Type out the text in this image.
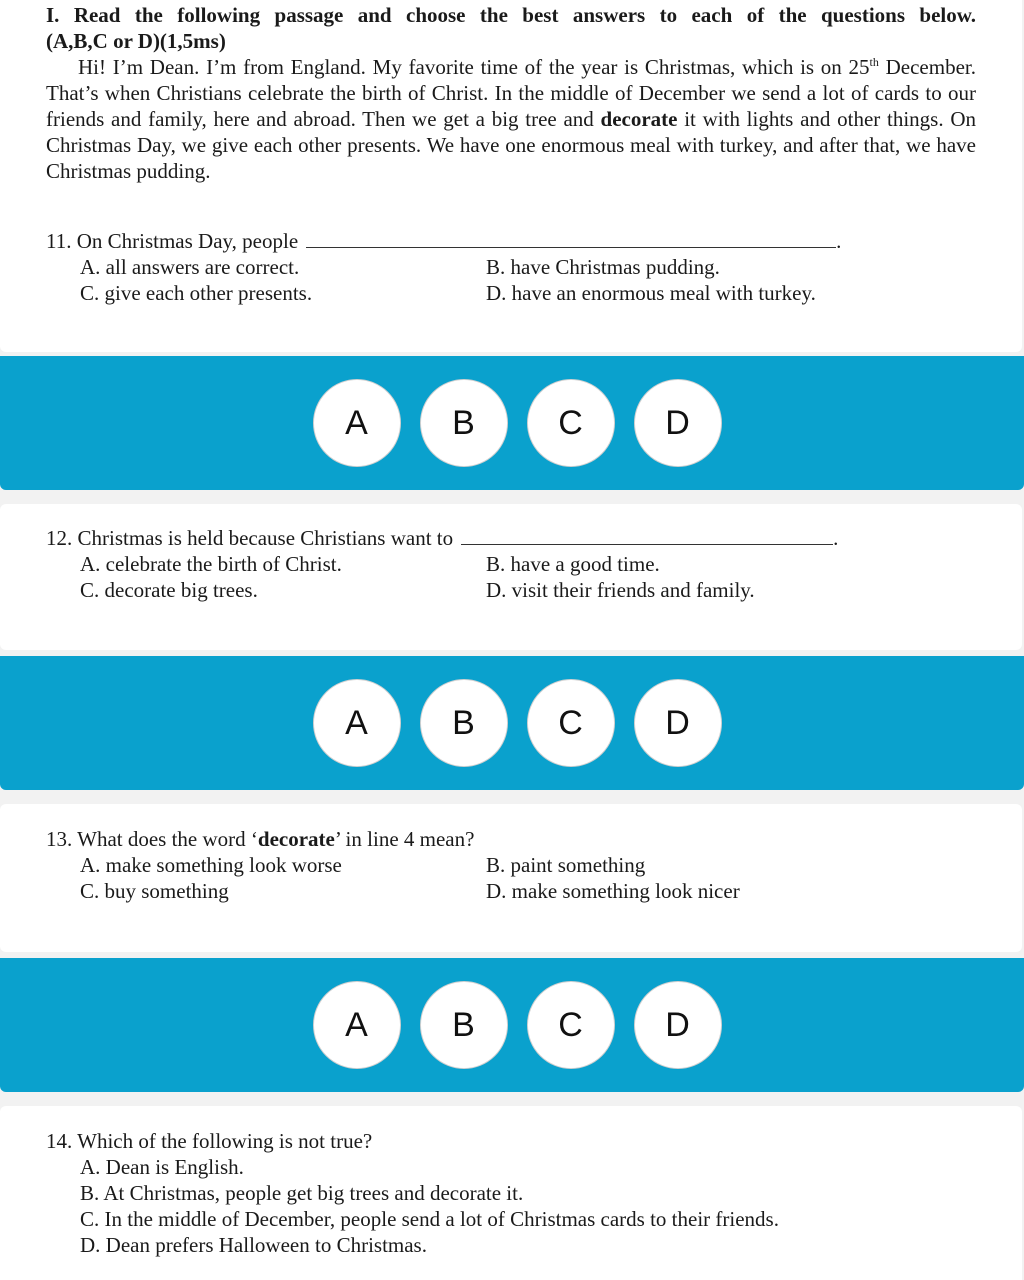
I. Read the following passage and choose the best answers to each of the questions below.
(A,B,C or D)(1,5ms)
Hi! I’m Dean. I’m from England. My favorite time of the year is Christmas, which is on 25th December. That’s when Christians celebrate the birth of Christ. In the middle of December we send a lot of cards to our friends and family, here and abroad. Then we get a big tree and decorate it with lights and other things. On Christmas Day, we give each other presents. We have one enormous meal with turkey, and after that, we have Christmas pudding.
11. On Christmas Day, people	.
A. all answers are correct.	B. have Christmas pudding.
C. give each other presents.	D. have an enormous meal with turkey.
A	B	C	D
12. Christmas is held because Christians want to	.
A. celebrate the birth of Christ.	B. have a good time.
C. decorate big trees.	D. visit their friends and family.
A	B	C	D
13. What does the word ‘decorate’ in line 4 mean?
A. make something look worse	B. paint something
C. buy something	D. make something look nicer
A	B	C	D
14. Which of the following is not true?
A. Dean is English.
B. At Christmas, people get big trees and decorate it.
C. In the middle of December, people send a lot of Christmas cards to their friends.
D. Dean prefers Halloween to Christmas.
